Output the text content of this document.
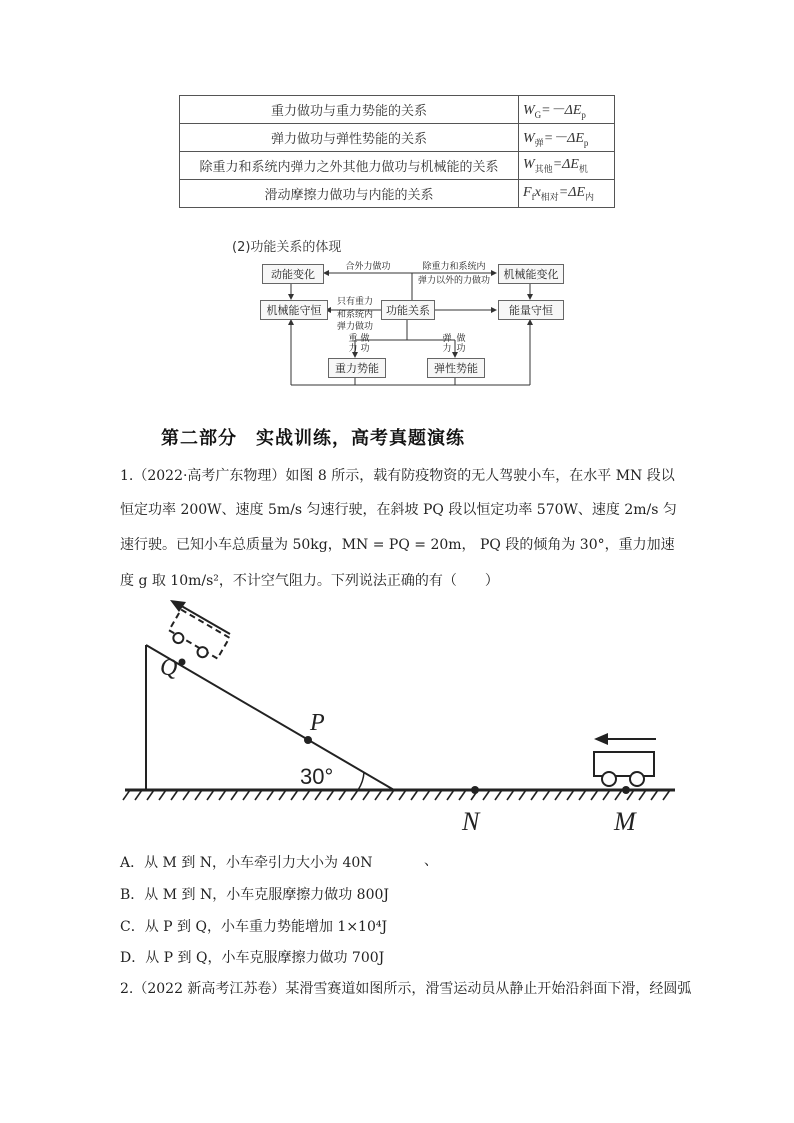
重力做功与重力势能的关系	$W_G=-\Delta E_p$
弹力做功与弹性势能的关系	$W_弹=-\Delta E_p$
除重力和系统内弹力之外其他力做功与机械能的关系	$W_{其他}=\Delta E_机$
滑动摩擦力做功与内能的关系	$F_fx_{相对}=\Delta E_内$
(2)功能关系的体现
动能变化	机械能变化
机械能守恒	功能关系	能量守恒
重力势能	弹性势能
合外力做功	除重力和系统内
弹力以外的力做功
只有重力
和系统内
弹力做功
重力
做功
弹力
做功
第二部分　实战训练，高考真题演练
1.（2022·高考广东物理）如图 8 所示，载有防疫物资的无人驾驶小车，在水平 MN 段以
恒定功率 200W、速度 5m/s 匀速行驶，在斜坡 PQ 段以恒定功率 570W、速度 2m/s 匀
速行驶。已知小车总质量为 50kg，MN = PQ = 20m， PQ 段的倾角为 30°，重力加速
度 g 取 10m/s²，不计空气阻力。下列说法正确的有（　　）
Q
P
30°
N	M
A．从 M 到 N，小车牵引力大小为 40N	、
B．从 M 到 N，小车克服摩擦力做功 800J
C．从 P 到 Q，小车重力势能增加 1×10⁴J
D．从 P 到 Q，小车克服摩擦力做功 700J
2.（2022 新高考江苏卷）某滑雪赛道如图所示，滑雪运动员从静止开始沿斜面下滑，经圆弧
